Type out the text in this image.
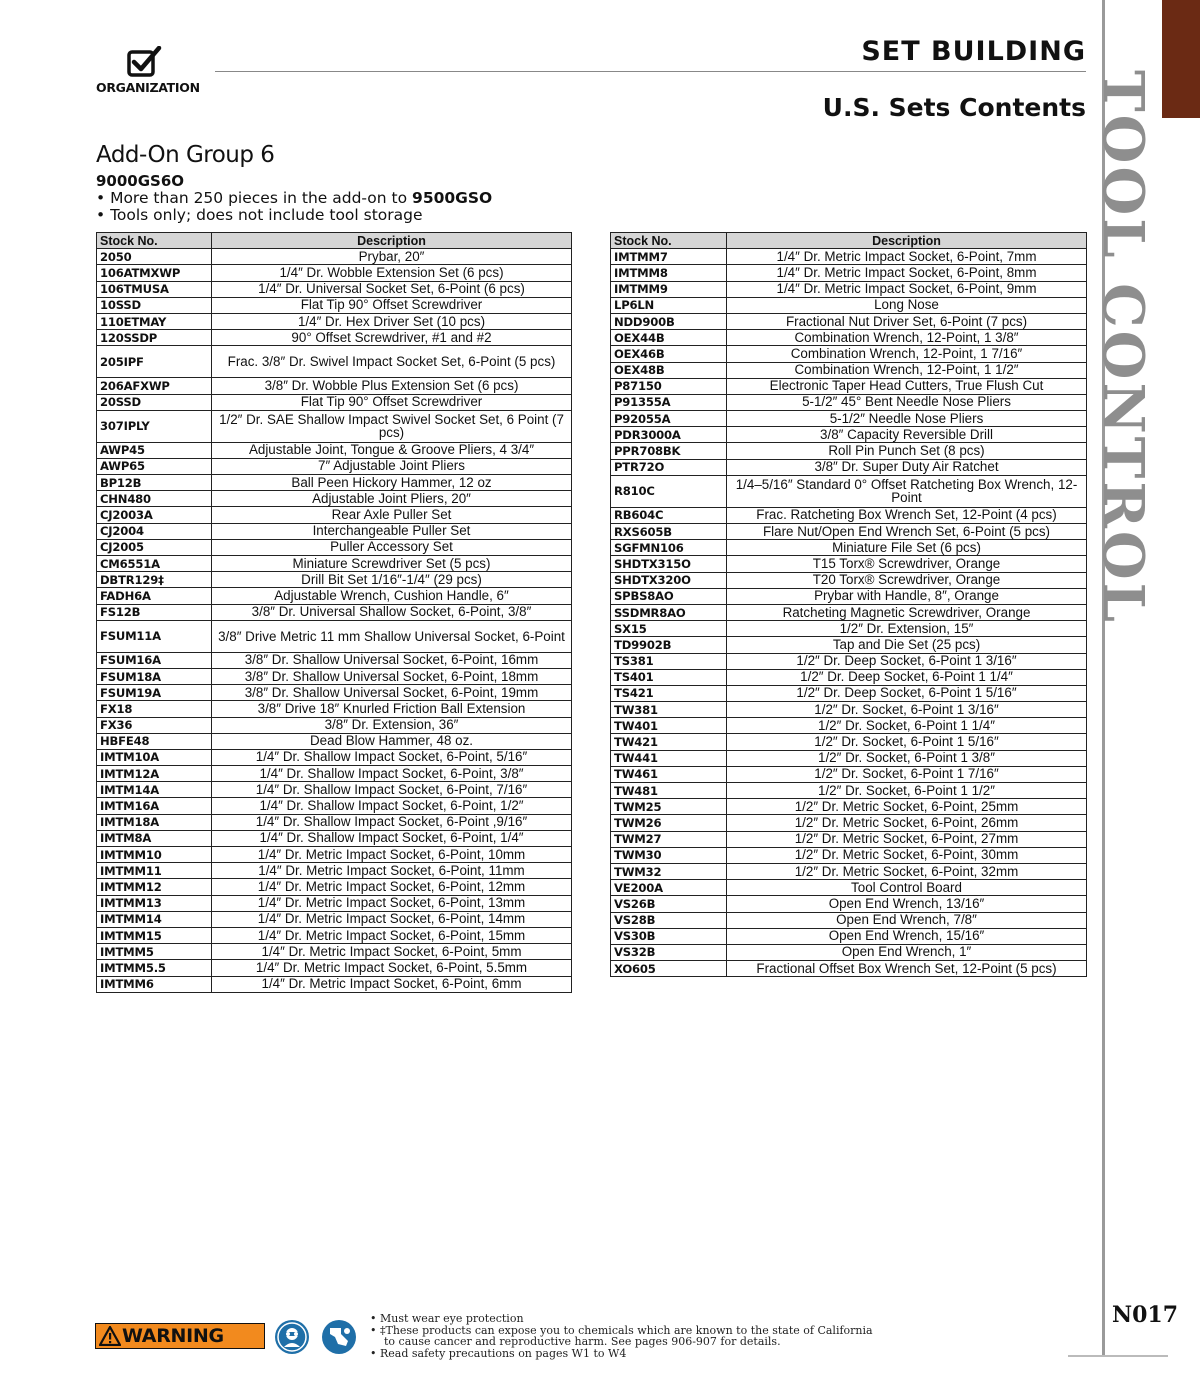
TOOL CONTROL
N017
ORGANIZATION
SET BUILDING
U.S. Sets Contents
Add-On Group 6
9000GS6O
• More than 250 pieces in the add-on to 9500GSO
• Tools only; does not include tool storage
Stock No.	Description
2050	Prybar, 20″
106ATMXWP	1/4″ Dr. Wobble Extension Set (6 pcs)
106TMUSA	1/4″ Dr. Universal Socket Set, 6-Point (6 pcs)
10SSD	Flat Tip 90° Offset Screwdriver
110ETMAY	1/4″ Dr. Hex Driver Set (10 pcs)
120SSDP	90° Offset Screwdriver, #1 and #2
205IPF	Frac. 3/8″ Dr. Swivel Impact Socket Set, 6-Point (5 pcs)
206AFXWP	3/8″ Dr. Wobble Plus Extension Set (6 pcs)
20SSD	Flat Tip 90° Offset Screwdriver
307IPLY	1/2″ Dr. SAE Shallow Impact Swivel Socket Set, 6 Point (7 pcs)
AWP45	Adjustable Joint, Tongue & Groove Pliers, 4 3/4″
AWP65	7″ Adjustable Joint Pliers
BP12B	Ball Peen Hickory Hammer, 12 oz
CHN480	Adjustable Joint Pliers, 20″
CJ2003A	Rear Axle Puller Set
CJ2004	Interchangeable Puller Set
CJ2005	Puller Accessory Set
CM6551A	Miniature Screwdriver Set (5 pcs)
DBTR129‡	Drill Bit Set 1/16″-1/4″ (29 pcs)
FADH6A	Adjustable Wrench, Cushion Handle, 6″
FS12B	3/8″ Dr. Universal Shallow Socket, 6-Point, 3/8″
FSUM11A	3/8″ Drive Metric 11 mm Shallow Universal Socket, 6-Point
FSUM16A	3/8″ Dr. Shallow Universal Socket, 6-Point, 16mm
FSUM18A	3/8″ Dr. Shallow Universal Socket, 6-Point, 18mm
FSUM19A	3/8″ Dr. Shallow Universal Socket, 6-Point, 19mm
FX18	3/8″ Drive 18″ Knurled Friction Ball Extension
FX36	3/8″ Dr. Extension, 36″
HBFE48	Dead Blow Hammer, 48 oz.
IMTM10A	1/4″ Dr. Shallow Impact Socket, 6-Point, 5/16″
IMTM12A	1/4″ Dr. Shallow Impact Socket, 6-Point, 3/8″
IMTM14A	1/4″ Dr. Shallow Impact Socket, 6-Point, 7/16″
IMTM16A	1/4″ Dr. Shallow Impact Socket, 6-Point, 1/2″
IMTM18A	1/4″ Dr. Shallow Impact Socket, 6-Point ,9/16″
IMTM8A	1/4″ Dr. Shallow Impact Socket, 6-Point, 1/4″
IMTMM10	1/4″ Dr. Metric Impact Socket, 6-Point, 10mm
IMTMM11	1/4″ Dr. Metric Impact Socket, 6-Point, 11mm
IMTMM12	1/4″ Dr. Metric Impact Socket, 6-Point, 12mm
IMTMM13	1/4″ Dr. Metric Impact Socket, 6-Point, 13mm
IMTMM14	1/4″ Dr. Metric Impact Socket, 6-Point, 14mm
IMTMM15	1/4″ Dr. Metric Impact Socket, 6-Point, 15mm
IMTMM5	1/4″ Dr. Metric Impact Socket, 6-Point, 5mm
IMTMM5.5	1/4″ Dr. Metric Impact Socket, 6-Point, 5.5mm
IMTMM6	1/4″ Dr. Metric Impact Socket, 6-Point, 6mm
Stock No.	Description
IMTMM7	1/4″ Dr. Metric Impact Socket, 6-Point, 7mm
IMTMM8	1/4″ Dr. Metric Impact Socket, 6-Point, 8mm
IMTMM9	1/4″ Dr. Metric Impact Socket, 6-Point, 9mm
LP6LN	Long Nose
NDD900B	Fractional Nut Driver Set, 6-Point (7 pcs)
OEX44B	Combination Wrench, 12-Point, 1 3/8″
OEX46B	Combination Wrench, 12-Point, 1 7/16″
OEX48B	Combination Wrench, 12-Point, 1 1/2″
P87150	Electronic Taper Head Cutters, True Flush Cut
P91355A	5-1/2″ 45° Bent Needle Nose Pliers
P92055A	5-1/2″ Needle Nose Pliers
PDR3000A	3/8″ Capacity Reversible Drill
PPR708BK	Roll Pin Punch Set (8 pcs)
PTR72O	3/8″ Dr. Super Duty Air Ratchet
R810C	1/4–5/16″ Standard 0° Offset Ratcheting Box Wrench, 12-Point
RB604C	Frac. Ratcheting Box Wrench Set, 12-Point (4 pcs)
RXS605B	Flare Nut/Open End Wrench Set, 6-Point (5 pcs)
SGFMN106	Miniature File Set (6 pcs)
SHDTX315O	T15 Torx® Screwdriver, Orange
SHDTX320O	T20 Torx® Screwdriver, Orange
SPBS8AO	Prybar with Handle, 8″, Orange
SSDMR8AO	Ratcheting Magnetic Screwdriver, Orange
SX15	1/2″ Dr. Extension, 15″
TD9902B	Tap and Die Set (25 pcs)
TS381	1/2″ Dr. Deep Socket, 6-Point 1 3/16″
TS401	1/2″ Dr. Deep Socket, 6-Point 1 1/4″
TS421	1/2″ Dr. Deep Socket, 6-Point 1 5/16″
TW381	1/2″ Dr. Socket, 6-Point 1 3/16″
TW401	1/2″ Dr. Socket, 6-Point 1 1/4″
TW421	1/2″ Dr. Socket, 6-Point 1 5/16″
TW441	1/2″ Dr. Socket, 6-Point 1 3/8″
TW461	1/2″ Dr. Socket, 6-Point 1 7/16″
TW481	1/2″ Dr. Socket, 6-Point 1 1/2″
TWM25	1/2″ Dr. Metric Socket, 6-Point, 25mm
TWM26	1/2″ Dr. Metric Socket, 6-Point, 26mm
TWM27	1/2″ Dr. Metric Socket, 6-Point, 27mm
TWM30	1/2″ Dr. Metric Socket, 6-Point, 30mm
TWM32	1/2″ Dr. Metric Socket, 6-Point, 32mm
VE200A	Tool Control Board
VS26B	Open End Wrench, 13/16″
VS28B	Open End Wrench, 7/8″
VS30B	Open End Wrench, 15/16″
VS32B	Open End Wrench, 1″
XO605	Fractional Offset Box Wrench Set, 12-Point (5 pcs)
WARNING
• Must wear eye protection
• ‡These products can expose you to chemicals which are known to the state of California
to cause cancer and reproductive harm. See pages 906-907 for details.
• Read safety precautions on pages W1 to W4
